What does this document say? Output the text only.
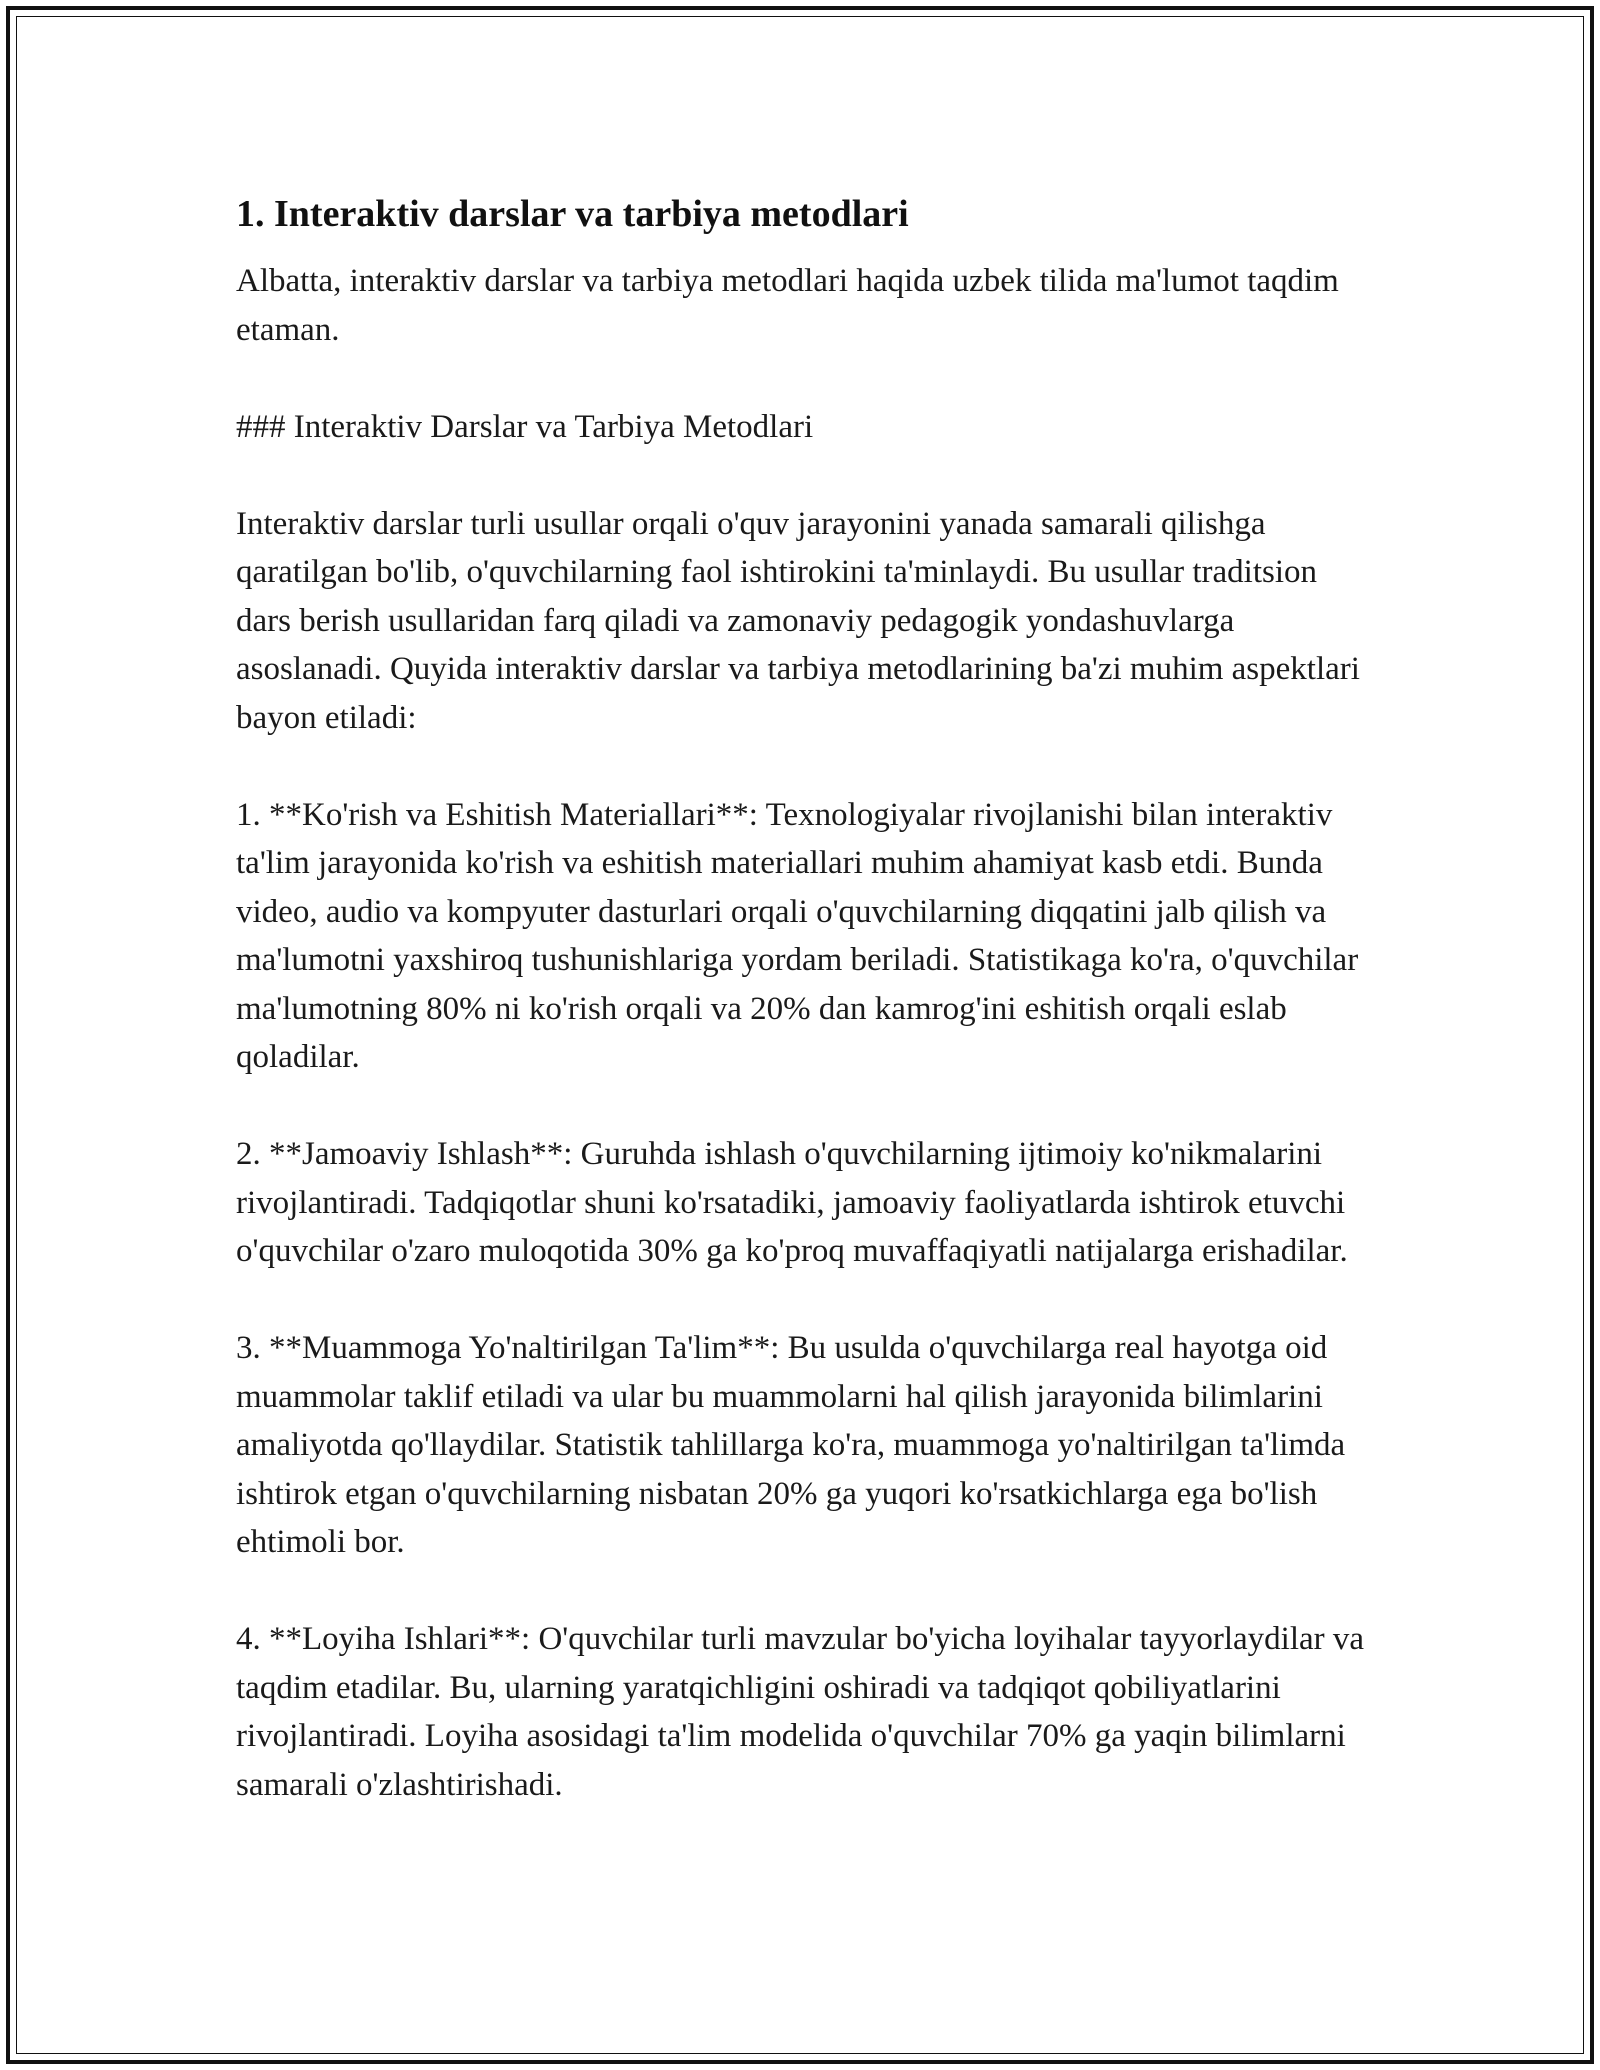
1. Interaktiv darslar va tarbiya metodlari

Albatta, interaktiv darslar va tarbiya metodlari haqida uzbek tilida ma'lumot taqdim etaman.

### Interaktiv Darslar va Tarbiya Metodlari

Interaktiv darslar turli usullar orqali o'quv jarayonini yanada samarali qilishga qaratilgan bo'lib, o'quvchilarning faol ishtirokini ta'minlaydi. Bu usullar traditsion dars berish usullaridan farq qiladi va zamonaviy pedagogik yondashuvlarga asoslanadi. Quyida interaktiv darslar va tarbiya metodlarining ba'zi muhim aspektlari bayon etiladi:

1. **Ko'rish va Eshitish Materiallari**: Texnologiyalar rivojlanishi bilan interaktiv ta'lim jarayonida ko'rish va eshitish materiallari muhim ahamiyat kasb etdi. Bunda video, audio va kompyuter dasturlari orqali o'quvchilarning diqqatini jalb qilish va ma'lumotni yaxshiroq tushunishlariga yordam beriladi. Statistikaga ko'ra, o'quvchilar ma'lumotning 80% ni ko'rish orqali va 20% dan kamrog'ini eshitish orqali eslab qoladilar.

2. **Jamoaviy Ishlash**: Guruhda ishlash o'quvchilarning ijtimoiy ko'nikmalarini rivojlantiradi. Tadqiqotlar shuni ko'rsatadiki, jamoaviy faoliyatlarda ishtirok etuvchi o'quvchilar o'zaro muloqotida 30% ga ko'proq muvaffaqiyatli natijalarga erishadilar.

3. **Muammoga Yo'naltirilgan Ta'lim**: Bu usulda o'quvchilarga real hayotga oid muammolar taklif etiladi va ular bu muammolarni hal qilish jarayonida bilimlarini amaliyotda qo'llaydilar. Statistik tahlillarga ko'ra, muammoga yo'naltirilgan ta'limda ishtirok etgan o'quvchilarning nisbatan 20% ga yuqori ko'rsatkichlarga ega bo'lish ehtimoli bor.

4. **Loyiha Ishlari**: O'quvchilar turli mavzular bo'yicha loyihalar tayyorlaydilar va taqdim etadilar. Bu, ularning yaratqichligini oshiradi va tadqiqot qobiliyatlarini rivojlantiradi. Loyiha asosidagi ta'lim modelida o'quvchilar 70% ga yaqin bilimlarni samarali o'zlashtirishadi.
